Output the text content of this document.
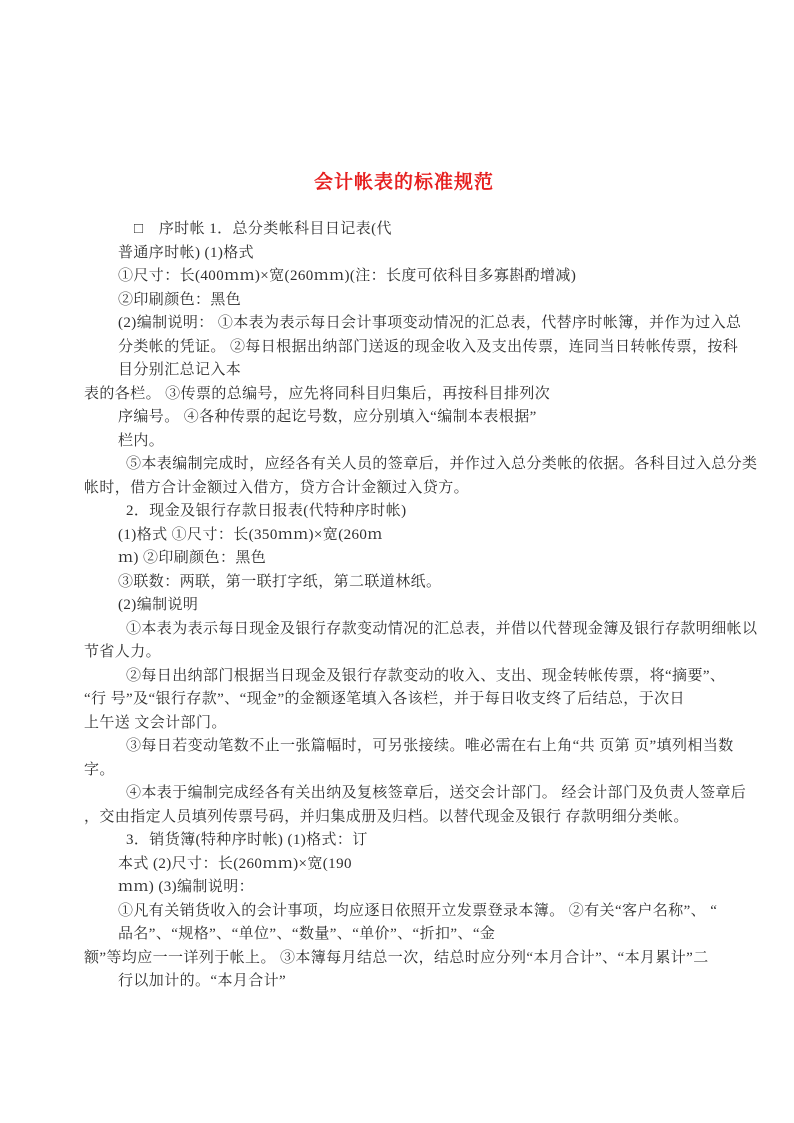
会计帐表的标准规范
□　序时帐 1．总分类帐科目日记表(代
普通序时帐) (1)格式
①尺寸：长(400ｍｍ)×宽(260ｍｍ)(注：长度可依科目多寡斟酌增减)
②印刷颜色：黑色
(2)编制说明： ①本表为表示每日会计事项变动情况的汇总表，代替序时帐簿，并作为过入总
分类帐的凭证。 ②每日根据出纳部门送返的现金收入及支出传票，连同当日转帐传票，按科
目分别汇总记入本
表的各栏。 ③传票的总编号，应先将同科目归集后，再按科目排列次
序编号。 ④各种传票的起讫号数，应分别填入“编制本表根据”
栏内。
⑤本表编制完成时，应经各有关人员的签章后，并作过入总分类帐的依据。各科目过入总分类
帐时，借方合计金额过入借方，贷方合计金额过入贷方。
2．现金及银行存款日报表(代特种序时帐)
(1)格式 ①尺寸：长(350ｍｍ)×宽(260ｍ
ｍ) ②印刷颜色：黑色
③联数：两联，第一联打字纸，第二联道林纸。
(2)编制说明
①本表为表示每日现金及银行存款变动情况的汇总表，并借以代替现金簿及银行存款明细帐以
节省人力。
②每日出纳部门根据当日现金及银行存款变动的收入、支出、现金转帐传票，将“摘要”、
“行 号”及“银行存款”、“现金”的金额逐笔填入各该栏，并于每日收支终了后结总，于次日
上午送 文会计部门。
③每日若变动笔数不止一张篇幅时，可另张接续。唯必需在右上角“共 页第 页”填列相当数
字。
④本表于编制完成经各有关出纳及复核签章后，送交会计部门。 经会计部门及负责人签章后
，交由指定人员填列传票号码，并归集成册及归档。以替代现金及银行 存款明细分类帐。
3．销货簿(特种序时帐) (1)格式：订
本式 (2)尺寸：长(260ｍｍ)×宽(190
ｍｍ) (3)编制说明：
①凡有关销货收入的会计事项，均应逐日依照开立发票登录本簿。 ②有关“客户名称”、 “
品名”、“规格”、“单位”、“数量”、“单价”、“折扣”、“金
额”等均应一一详列于帐上。 ③本簿每月结总一次，结总时应分列“本月合计”、“本月累计”二
行以加计的。“本月合计”
